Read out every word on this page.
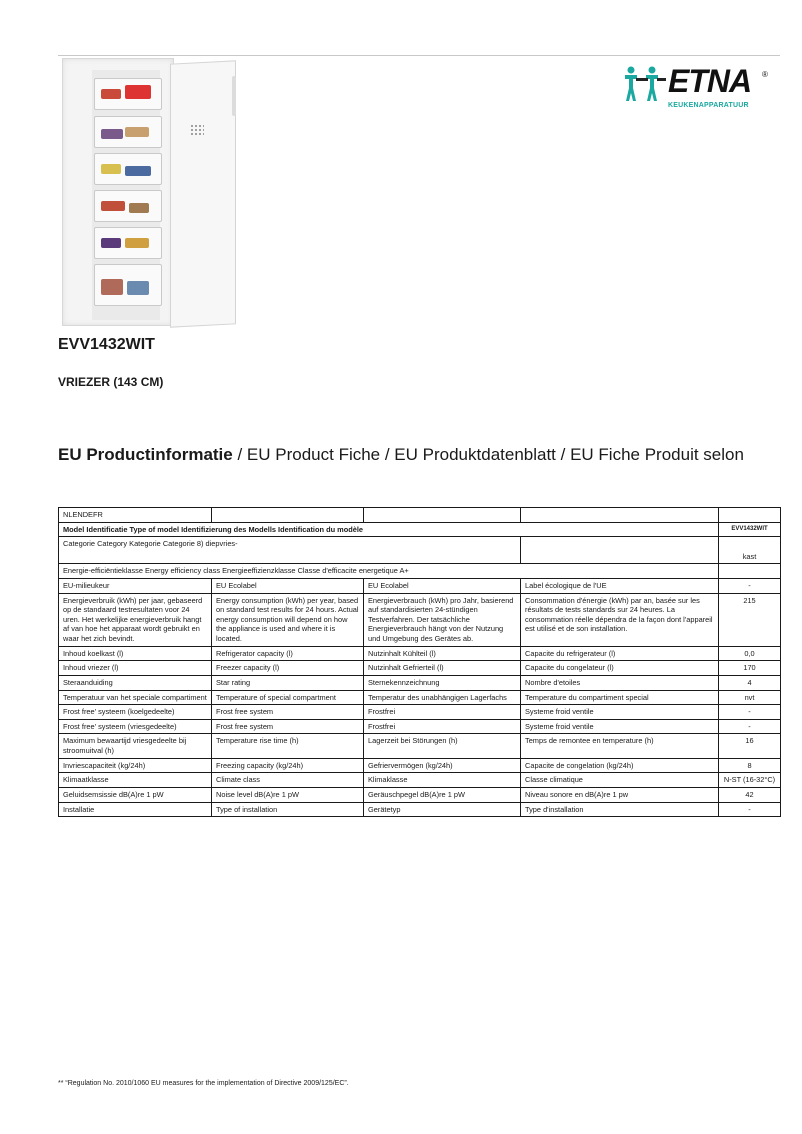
ETNA ®
KEUKENAPPARATUUR
EVV1432WIT
VRIEZER (143 CM)
EU Productinformatie / EU Product Fiche / EU Produktdatenblatt / EU Fiche Produit selon
NLENDEFR				
Model Identificatie Type of model Identifizierung des Modells Identification du modèle				EVV1432WIT
Categorie Category Kategorie Categorie 8) diepvries-				kast
Energie-efficiëntieklasse Energy efficiency class Energieeffizienzklasse Classe d'efficacite energetique A+				
EU-milieukeur	EU Ecolabel	EU Ecolabel	Label écologique de l'UE	-
Energieverbruik (kWh) per jaar, gebaseerd op de standaard testresultaten voor 24 uren. Het werkelijke energieverbruik hangt af van hoe het apparaat wordt gebruikt en waar het zich bevindt.	Energy consumption (kWh) per year, based on standard test results for 24 hours. Actual energy consumption will depend on how the appliance is used and where it is located.	Energieverbrauch (kWh) pro Jahr, basierend auf standardisierten 24-stündigen Testverfahren. Der tatsächliche Energieverbrauch hängt von der Nutzung und Umgebung des Gerätes ab.	Consommation d'énergie (kWh) par an, basée sur les résultats de tests standards sur 24 heures. La consommation réelle dépendra de la façon dont l'appareil est utilisé et de son installation.	215
Inhoud koelkast (l)	Refrigerator capacity (l)	Nutzinhalt Kühlteil (l)	Capacite du refrigerateur (l)	0,0
Inhoud vriezer (l)	Freezer capacity (l)	Nutzinhalt Gefrierteil (l)	Capacite du congelateur (l)	170
Steraanduiding	Star rating	Sternekennzeichnung	Nombre d'etoiles	4
Temperatuur van het speciale compartiment	Temperature of special compartment	Temperatur des unabhängigen Lagerfachs	Temperature du compartiment special	nvt
Frost free' systeem (koelgedeelte)	Frost free system	Frostfrei	Systeme froid ventile	-
Frost free' systeem (vriesgedeelte)	Frost free system	Frostfrei	Systeme froid ventile	-
Maximum bewaartijd vriesgedeelte bij stroomuitval (h)	Temperature rise time (h)	Lagerzeit bei Störungen (h)	Temps de remontee en temperature (h)	16
Invriescapaciteit (kg/24h)	Freezing capacity (kg/24h)	Gefriervermögen (kg/24h)	Capacite de congelation (kg/24h)	8
Klimaatklasse	Climate class	Klimaklasse	Classe climatique	N-ST (16-32°C)
Geluidsemsissie dB(A)re 1 pW	Noise level dB(A)re 1 pW	Geräuschpegel dB(A)re 1 pW	Niveau sonore en dB(A)re 1 pw	42
Installatie	Type of installation	Gerätetyp	Type d'installation	-
** “Regulation No. 2010/1060 EU measures for the implementation of Directive 2009/125/EC”.
